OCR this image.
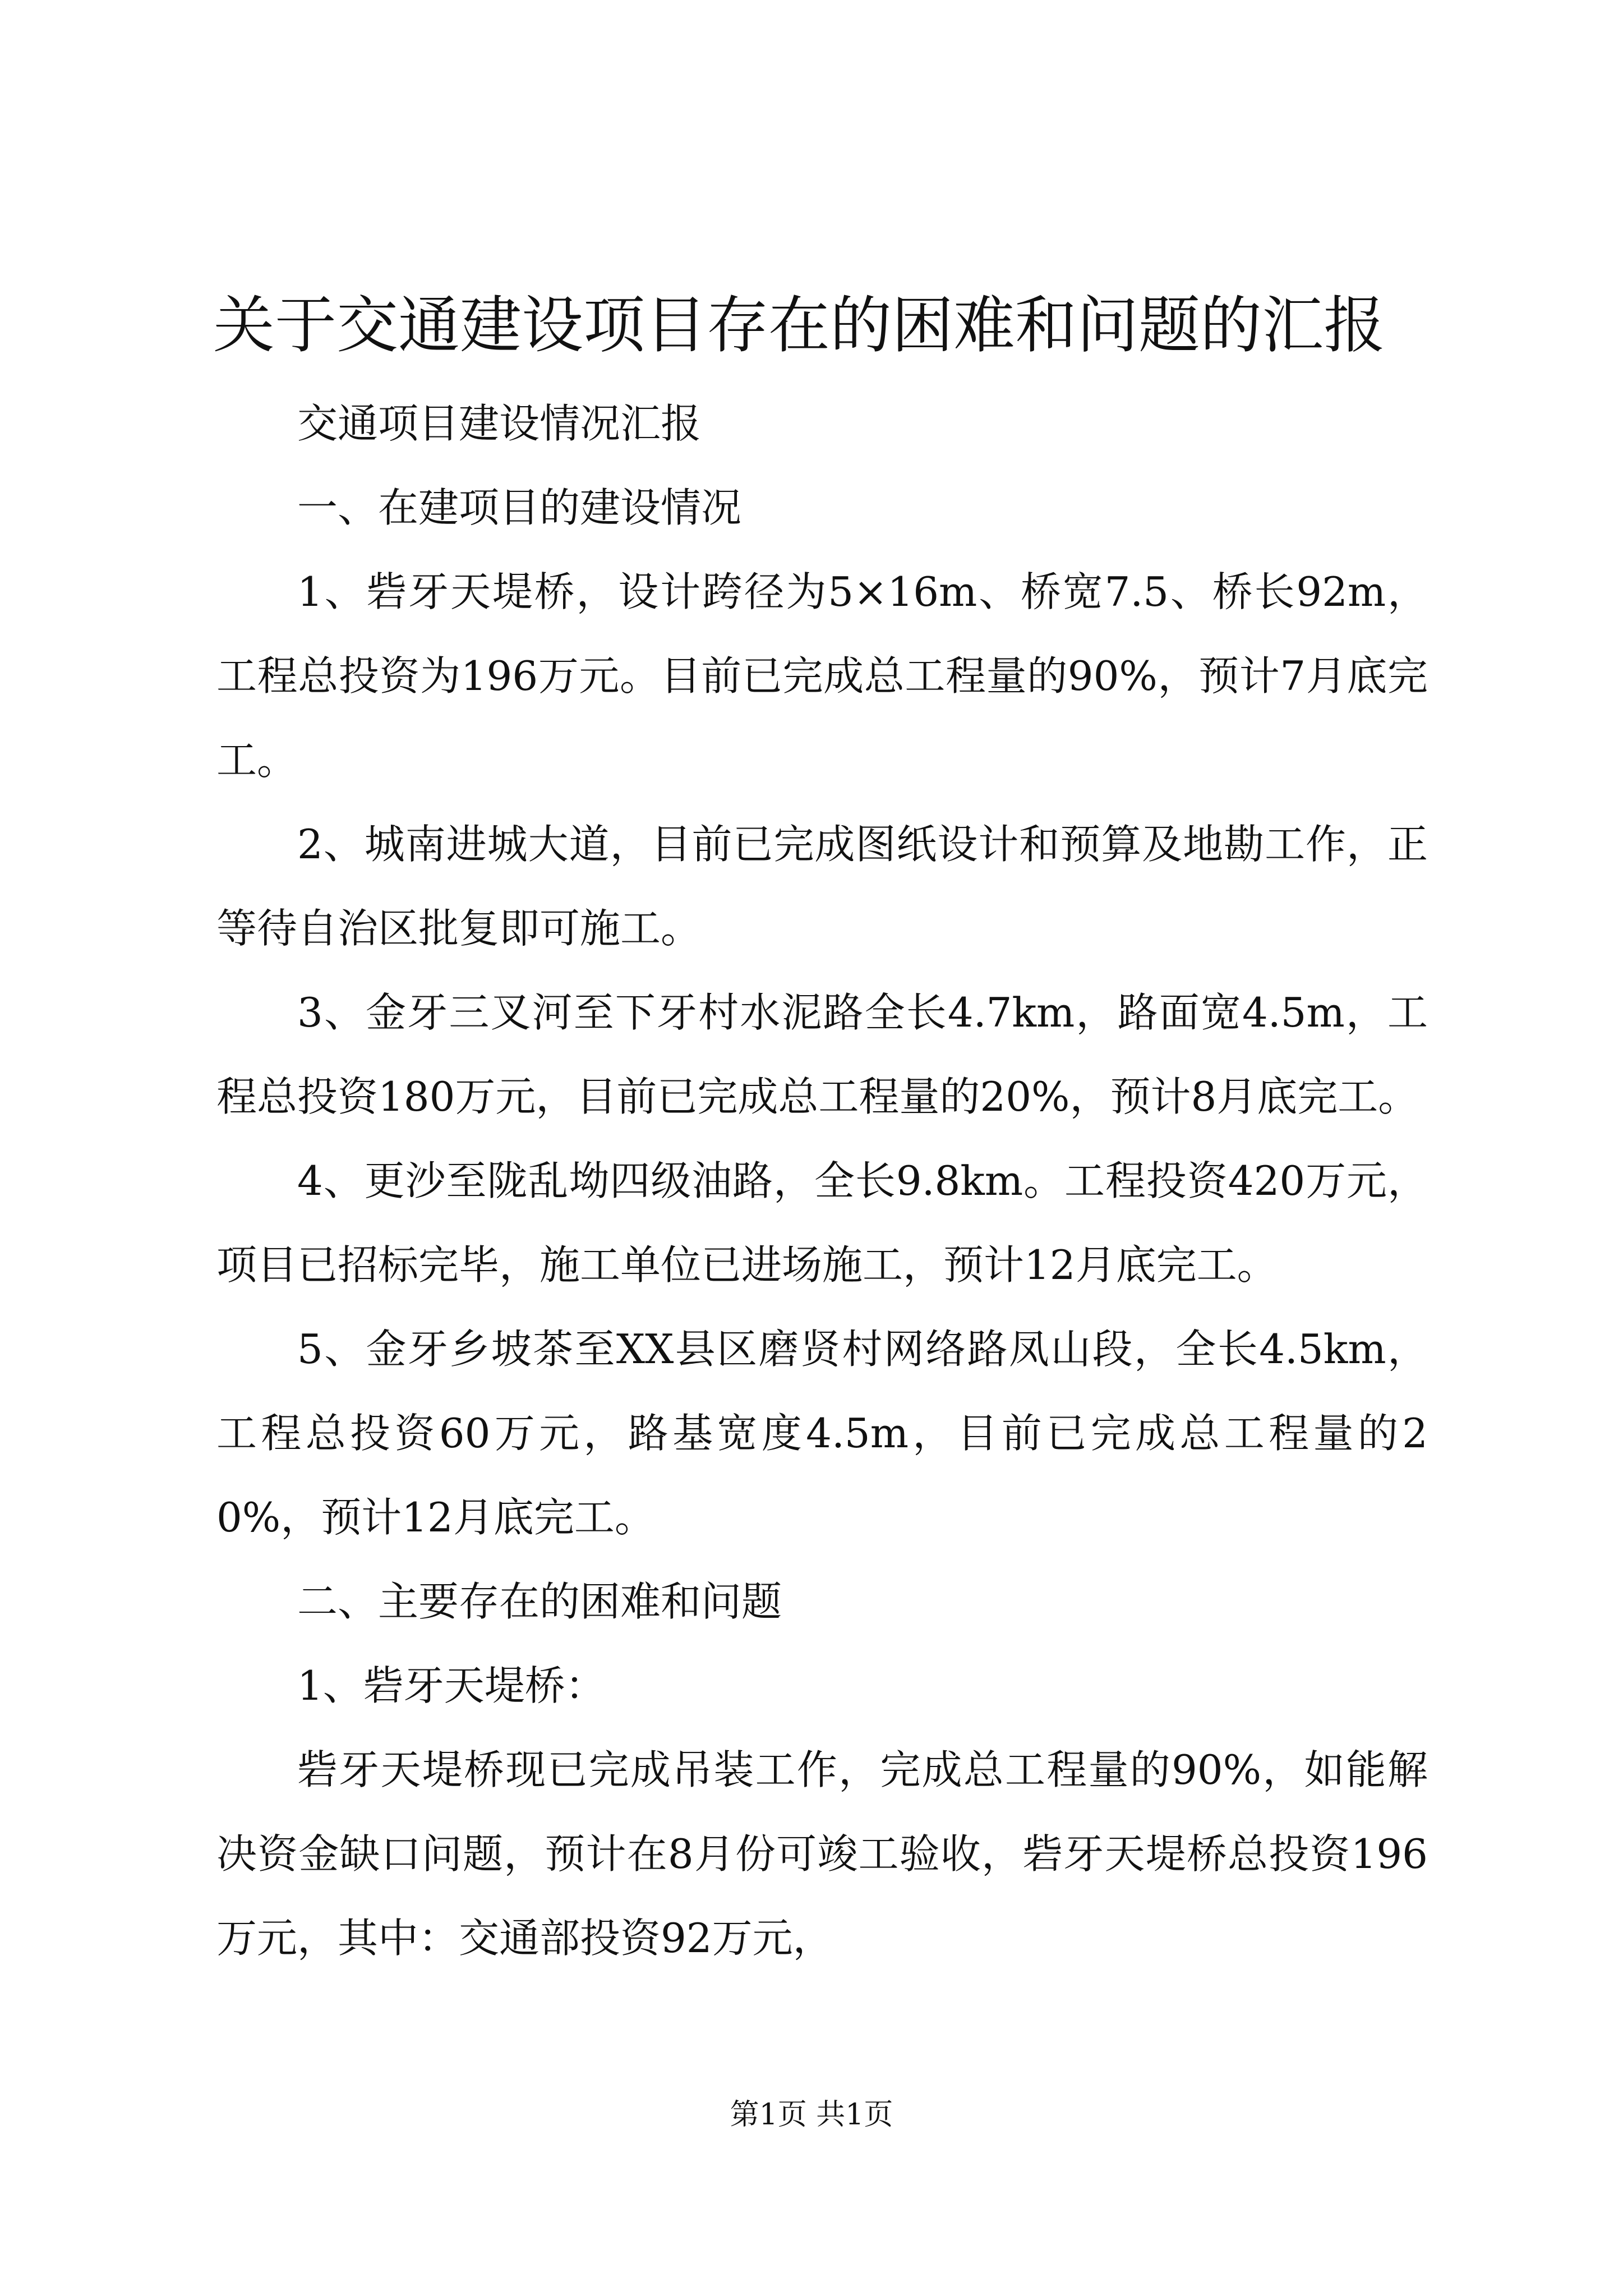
关于交通建设项目存在的困难和问题的汇报

交通项目建设情况汇报

一、在建项目的建设情况

1、砦牙天堤桥，设计跨径为5×16m、桥宽7.5、桥长92m，工程总投资为196万元。目前已完成总工程量的90%，预计7月底完工。

2、城南进城大道，目前已完成图纸设计和预算及地勘工作，正等待自治区批复即可施工。

3、金牙三叉河至下牙村水泥路全长4.7km，路面宽4.5m，工程总投资180万元，目前已完成总工程量的20%，预计8月底完工。

4、更沙至陇乱坳四级油路，全长9.8km。工程投资420万元，项目已招标完毕，施工单位已进场施工，预计12月底完工。

5、金牙乡坡茶至XX县区磨贤村网络路凤山段，全长4.5km，工程总投资60万元，路基宽度4.5m，目前已完成总工程量的20%，预计12月底完工。

二、主要存在的困难和问题

1、砦牙天堤桥：

砦牙天堤桥现已完成吊装工作，完成总工程量的90%，如能解决资金缺口问题，预计在8月份可竣工验收，砦牙天堤桥总投资196万元，其中：交通部投资92万元，

第1页 共1页
